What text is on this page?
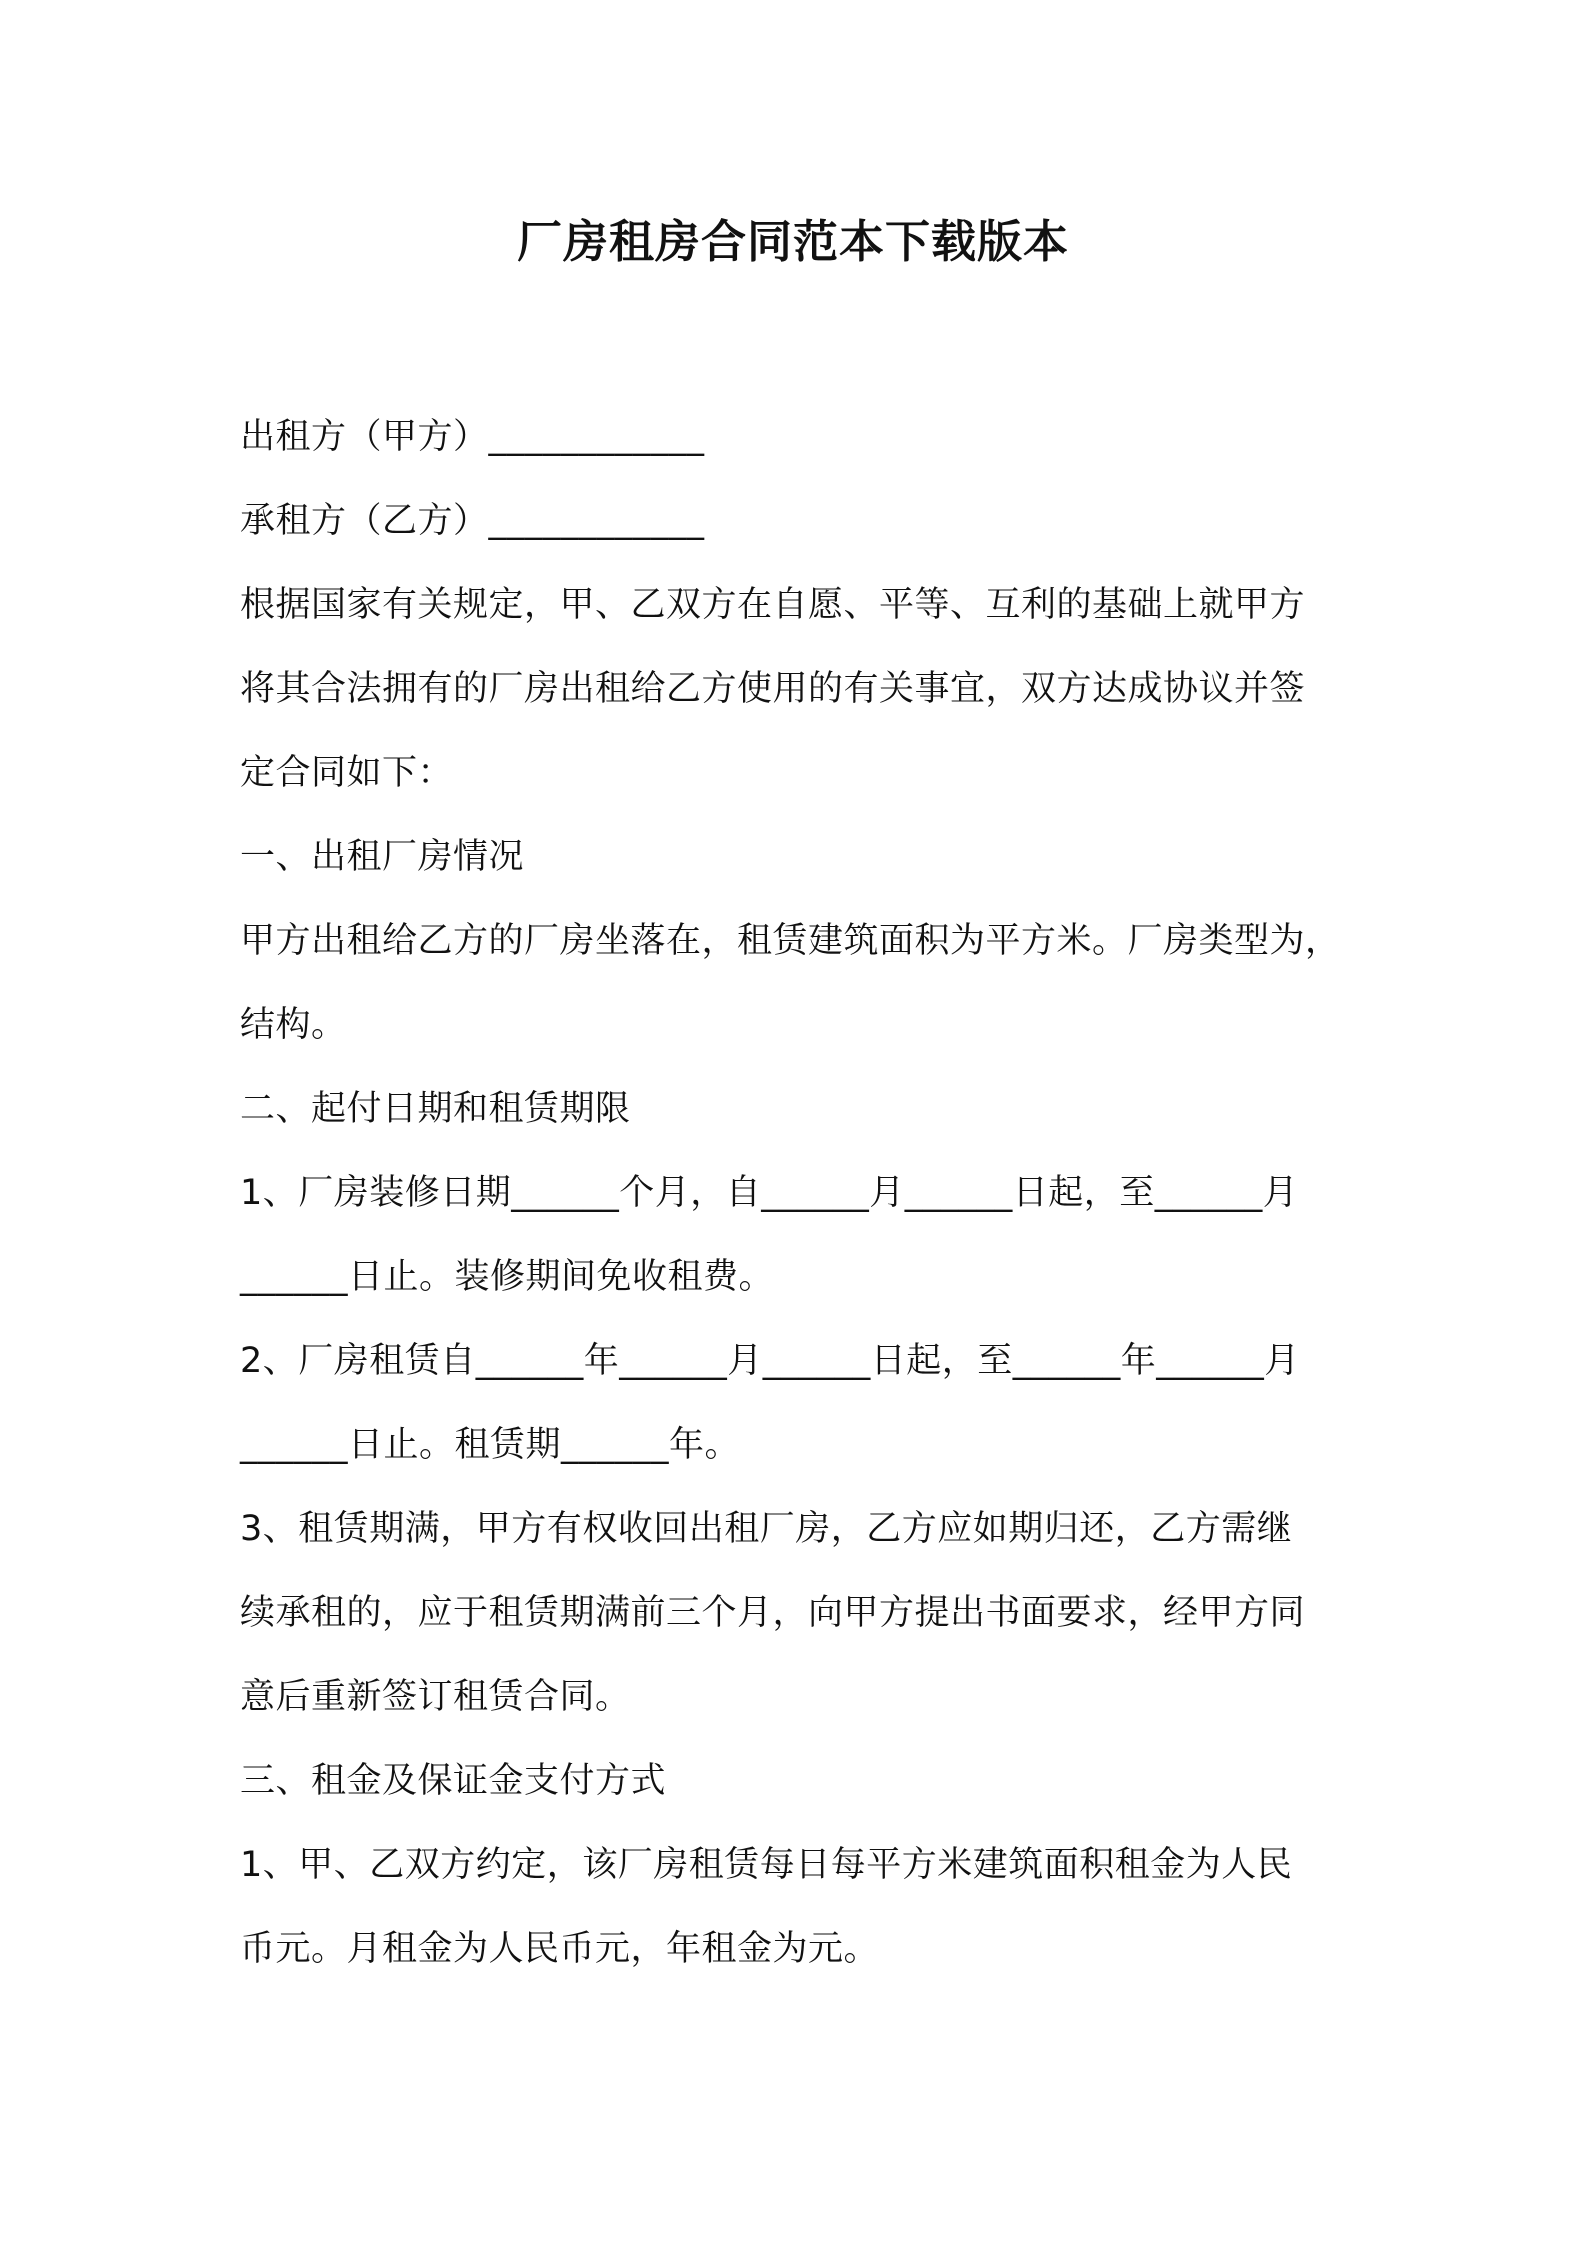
厂房租房合同范本下载版本
出租方（甲方）____________
承租方（乙方）____________
根据国家有关规定，甲、乙双方在自愿、平等、互利的基础上就甲方
将其合法拥有的厂房出租给乙方使用的有关事宜，双方达成协议并签
定合同如下：
一、出租厂房情况
甲方出租给乙方的厂房坐落在，租赁建筑面积为平方米。厂房类型为，
结构。
二、起付日期和租赁期限
1、厂房装修日期______个月，自______月______日起，至______月
______日止。装修期间免收租费。
2、厂房租赁自______年______月______日起，至______年______月
______日止。租赁期______年。
3、租赁期满，甲方有权收回出租厂房，乙方应如期归还，乙方需继
续承租的，应于租赁期满前三个月，向甲方提出书面要求，经甲方同
意后重新签订租赁合同。
三、租金及保证金支付方式
1、甲、乙双方约定，该厂房租赁每日每平方米建筑面积租金为人民
币元。月租金为人民币元，年租金为元。
